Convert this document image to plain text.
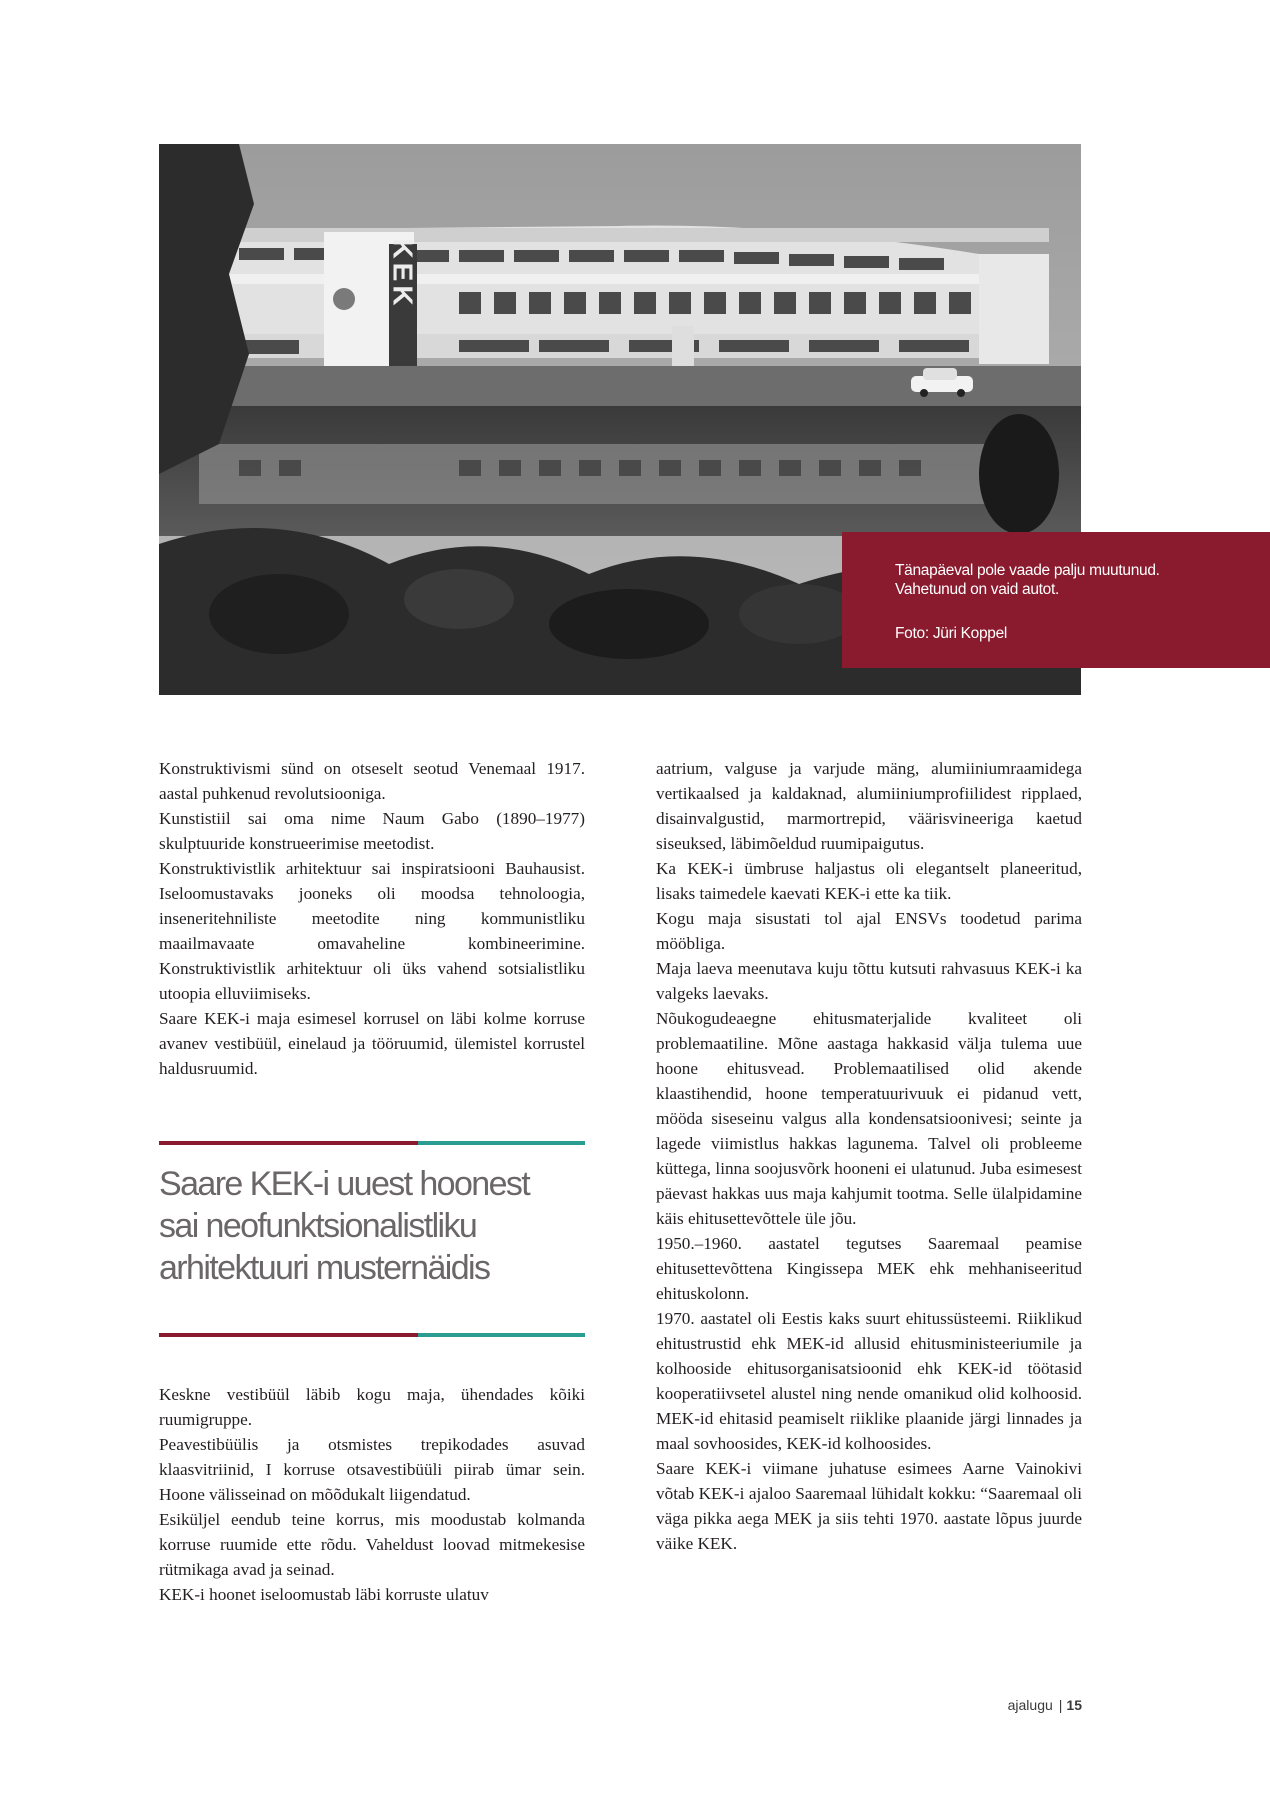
KEK
Tänapäeval pole vaade palju muutunud.
Vahetunud on vaid autot.
Foto: Jüri Koppel

Konstruktivismi sünd on otseselt seotud Venemaal 1917. aastal puhkenud revolutsiooniga.

Kunstistiil sai oma nime Naum Gabo (1890–1977) skulptuuride konstrueerimise meetodist.

Konstruktivistlik arhitektuur sai inspiratsiooni Bauhausist. Iseloomustavaks jooneks oli moodsa tehnoloogia, inseneritehniliste meetodite ning kommunistliku maailmavaate omavaheline kombineerimine. Konstruktivistlik arhitektuur oli üks vahend sotsialistliku utoopia elluviimiseks.

Saare KEK-i maja esimesel korrusel on läbi kolme korruse avanev vestibüül, einelaud ja tööruumid, ülemistel korrustel haldusruumid.

Saare KEK-i uuest hoonest
sai neofunktsionalistliku
arhitektuuri musternäidis

Keskne vestibüül läbib kogu maja, ühendades kõiki ruumigruppe.

Peavestibüülis ja otsmistes trepikodades asuvad klaasvitriinid, I korruse otsavestibüüli piirab ümar sein. Hoone välisseinad on mõõdukalt liigendatud.

Esiküljel eendub teine korrus, mis moodustab kolmanda korruse ruumide ette rõdu. Vaheldust loovad mitmekesise rütmikaga avad ja seinad.

KEK-i hoonet iseloomustab läbi korruste ulatuv

aatrium, valguse ja varjude mäng, alumiiniumraamidega vertikaalsed ja kaldaknad, alumiiniumprofiilidest ripplaed, disainvalgustid, marmortrepid, väärisvineeriga kaetud siseuksed, läbimõeldud ruumipaigutus.

Ka KEK-i ümbruse haljastus oli elegantselt planeeritud, lisaks taimedele kaevati KEK-i ette ka tiik.

Kogu maja sisustati tol ajal ENSVs toodetud parima mööbliga.

Maja laeva meenutava kuju tõttu kutsuti rahvasuus KEK-i ka valgeks laevaks.

Nõukogudeaegne ehitusmaterjalide kvaliteet oli problemaatiline. Mõne aastaga hakkasid välja tulema uue hoone ehitusvead. Problemaatilised olid akende klaastihendid, hoone temperatuurivuuk ei pidanud vett, mööda siseseinu valgus alla kondensatsioonivesi; seinte ja lagede viimistlus hakkas lagunema. Talvel oli probleeme küttega, linna soojusvõrk hooneni ei ulatunud. Juba esimesest päevast hakkas uus maja kahjumit tootma. Selle ülalpidamine käis ehitusettevõttele üle jõu.

1950.–1960. aastatel tegutses Saaremaal peamise ehitusettevõttena Kingissepa MEK ehk mehhaniseeritud ehituskolonn.

1970. aastatel oli Eestis kaks suurt ehitussüsteemi. Riiklikud ehitustrustid ehk MEK-id allusid ehitusministeeriumile ja kolhooside ehitusorganisatsioonid ehk KEK-id töötasid kooperatiivsetel alustel ning nende omanikud olid kolhoosid. MEK-id ehitasid peamiselt riiklike plaanide järgi linnades ja maal sovhoosides, KEK-id kolhoosides.

Saare KEK-i viimane juhatuse esimees Aarne Vainokivi võtab KEK-i ajaloo Saaremaal lühidalt kokku: “Saaremaal oli väga pikka aega MEK ja siis tehti 1970. aastate lõpus juurde väike KEK.

ajalugu | 15
